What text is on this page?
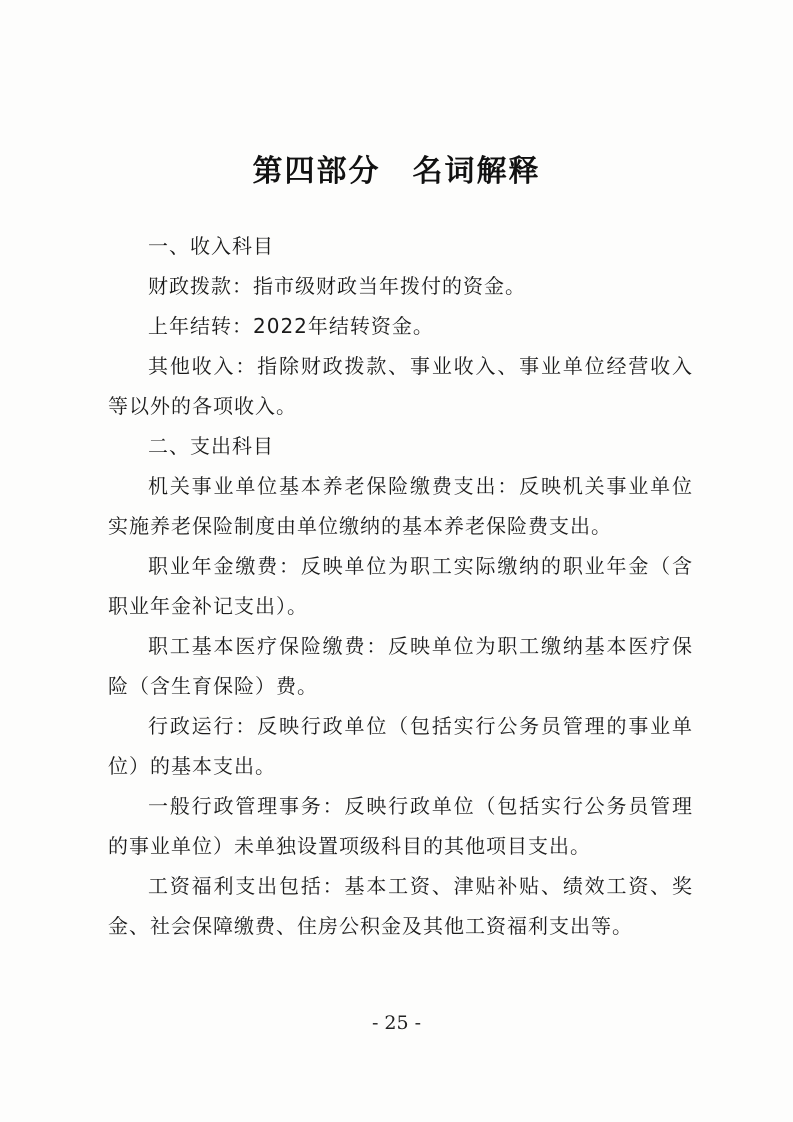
第四部分　名词解释

一、收入科目

财政拨款：指市级财政当年拨付的资金。

上年结转：2022年结转资金。

其他收入：指除财政拨款、事业收入、事业单位经营收入等以外的各项收入。

二、支出科目

机关事业单位基本养老保险缴费支出：反映机关事业单位实施养老保险制度由单位缴纳的基本养老保险费支出。

职业年金缴费：反映单位为职工实际缴纳的职业年金（含职业年金补记支出）。

职工基本医疗保险缴费：反映单位为职工缴纳基本医疗保险（含生育保险）费。

行政运行：反映行政单位（包括实行公务员管理的事业单位）的基本支出。

一般行政管理事务：反映行政单位（包括实行公务员管理的事业单位）未单独设置项级科目的其他项目支出。

工资福利支出包括：基本工资、津贴补贴、绩效工资、奖金、社会保障缴费、住房公积金及其他工资福利支出等。

- 25 -
